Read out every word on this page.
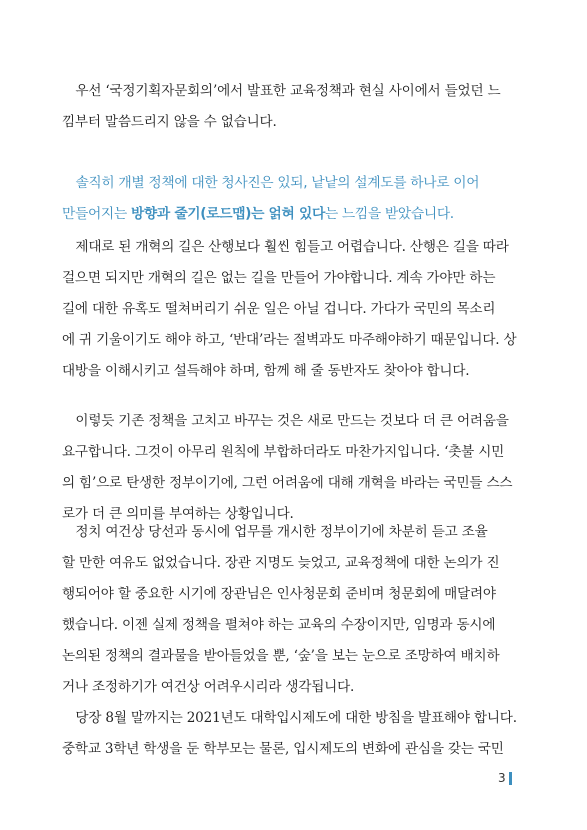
　우선 ‘국정기획자문회의’에서 발표한 교육정책과 현실 사이에서 들었던 느
낌부터 말씀드리지 않을 수 없습니다.
　솔직히 개별 정책에 대한 청사진은 있되, 낱낱의 설계도를 하나로 이어
만들어지는 방향과 줄기(로드맵)는 얽혀 있다는 느낌을 받았습니다.
　제대로 된 개혁의 길은 산행보다 훨씬 힘들고 어렵습니다. 산행은 길을 따라
걸으면 되지만 개혁의 길은 없는 길을 만들어 가야합니다. 계속 가야만 하는
길에 대한 유혹도 떨쳐버리기 쉬운 일은 아닐 겁니다. 가다가 국민의 목소리
에 귀 기울이기도 해야 하고, ‘반대’라는 절벽과도 마주해야하기 때문입니다. 상
대방을 이해시키고 설득해야 하며, 함께 해 줄 동반자도 찾아야 합니다.
　이렇듯 기존 정책을 고치고 바꾸는 것은 새로 만드는 것보다 더 큰 어려움을
요구합니다. 그것이 아무리 원칙에 부합하더라도 마찬가지입니다. ‘촛불 시민
의 힘’으로 탄생한 정부이기에, 그런 어려움에 대해 개혁을 바라는 국민들 스스
로가 더 큰 의미를 부여하는 상황입니다.
　정치 여건상 당선과 동시에 업무를 개시한 정부이기에 차분히 듣고 조율
할 만한 여유도 없었습니다. 장관 지명도 늦었고, 교육정책에 대한 논의가 진
행되어야 할 중요한 시기에 장관님은 인사청문회 준비며 청문회에 매달려야
했습니다. 이젠 실제 정책을 펼쳐야 하는 교육의 수장이지만, 임명과 동시에
논의된 정책의 결과물을 받아들었을 뿐, ‘숲’을 보는 눈으로 조망하여 배치하
거나 조정하기가 여건상 어려우시리라 생각됩니다.
　당장 8월 말까지는 2021년도 대학입시제도에 대한 방침을 발표해야 합니다.
중학교 3학년 학생을 둔 학부모는 물론, 입시제도의 변화에 관심을 갖는 국민
3
